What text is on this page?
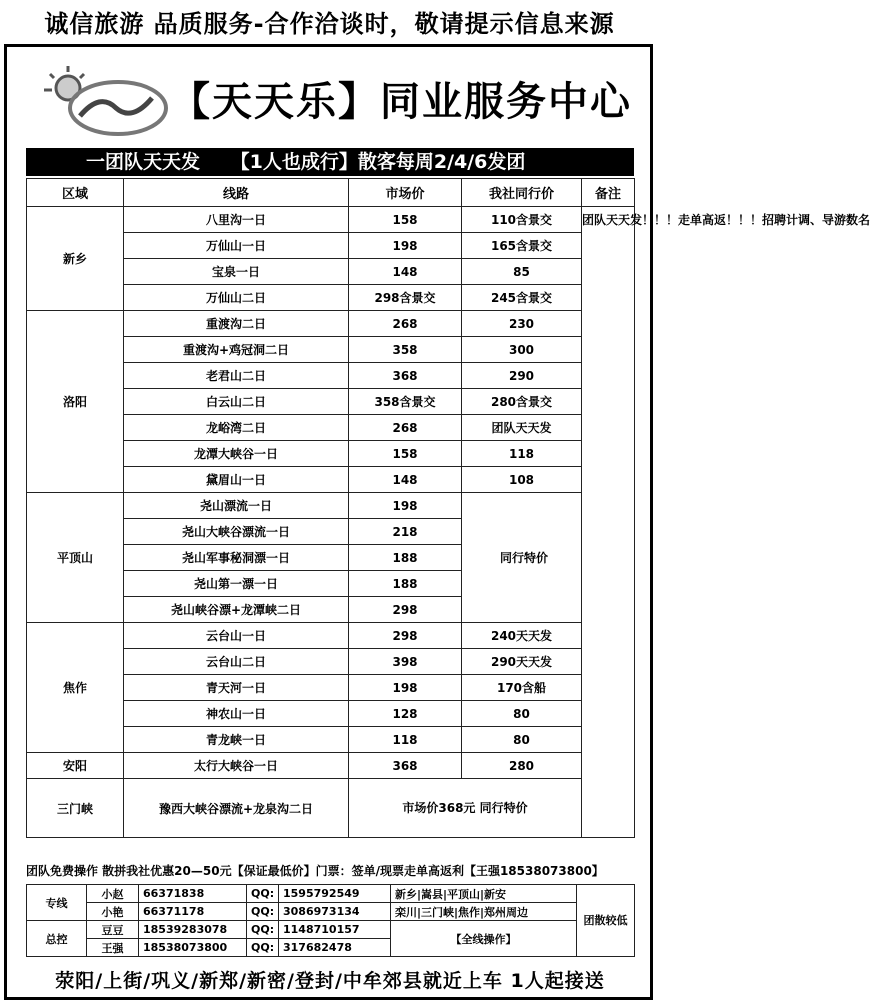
诚信旅游 品质服务-合作洽谈时，敬请提示信息来源
【天天乐】同业服务中心
一团队天天发 【1人也成行】散客每周2/4/6发团
区域	线路	市场价	我社同行价	备注
新乡	八里沟一日	158	110含景交	团队天天发！！！走单高返！！！招聘计调、导游数名
	万仙山一日	198	165含景交	
	宝泉一日	148	85	
	万仙山二日	298含景交	245含景交	
洛阳	重渡沟二日	268	230	
	重渡沟+鸡冠洞二日	358	300	
	老君山二日	368	290	
	白云山二日	358含景交	280含景交	
	龙峪湾二日	268	团队天天发	
	龙潭大峡谷一日	158	118	
	黛眉山一日	148	108	
平顶山	尧山漂流一日	198	同行特价	
	尧山大峡谷漂流一日	218		
	尧山军事秘洞漂一日	188		
	尧山第一漂一日	188		
	尧山峡谷漂+龙潭峡二日	298		
焦作	云台山一日	298	240天天发	
	云台山二日	398	290天天发	
	青天河一日	198	170含船	
	神农山一日	128	80	
	青龙峡一日	118	80	
安阳	太行大峡谷一日	368	280	
三门峡	豫西大峡谷漂流+龙泉沟二日	市场价368元 同行特价		
团队免费操作 散拼我社优惠20—50元【保证最低价】门票：签单/现票走单高返利【王强18538073800】
专线	小赵	66371838	QQ:	1595792549	新乡|嵩县|平顶山|新安	团散较低
	小艳	66371178	QQ:	3086973134	栾川|三门峡|焦作|郑州周边	
总控	豆豆	18539283078	QQ:	1148710157	【全线操作】	
	王强	18538073800	QQ:	317682478		
荥阳/上街/巩义/新郑/新密/登封/中牟郊县就近上车 1人起接送
